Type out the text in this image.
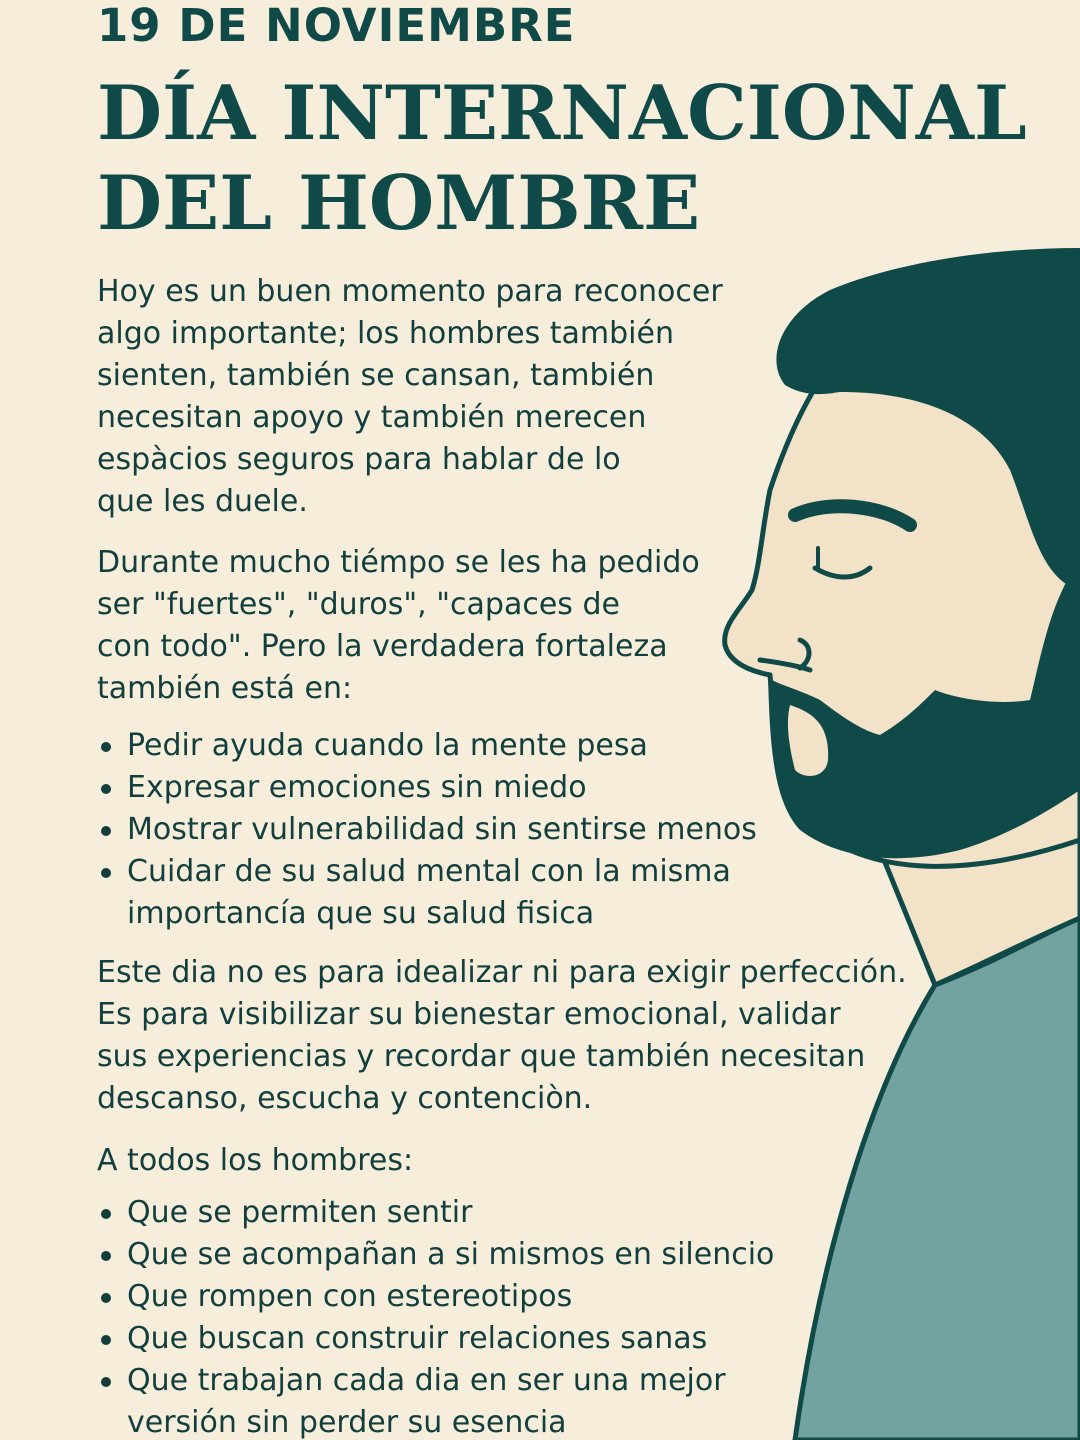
19 DE NOVIEMBRE

DÍA INTERNACIONAL
DEL HOMBRE

Hoy es un buen momento para reconocer
algo importante; los hombres también
sienten, también se cansan, también
necesitan apoyo y también merecen
espàcios seguros para hablar de lo
que les duele.

Durante mucho tiémpo se les ha pedido
ser "fuertes", "duros", "capaces de
con todo". Pero la verdadera fortaleza
también está en:

Pedir ayuda cuando la mente pesa
Expresar emociones sin miedo
Mostrar vulnerabilidad sin sentirse menos
Cuidar de su salud mental con la misma
importancía que su salud fisica

Este dia no es para idealizar ni para exigir perfección.
Es para visibilizar su bienestar emocional, validar
sus experiencias y recordar que también necesitan
descanso, escucha y contenciòn.

A todos los hombres:

Que se permiten sentir
Que se acompañan a si mismos en silencio
Que rompen con estereotipos
Que buscan construir relaciones sanas
Que trabajan cada dia en ser una mejor
versión sin perder su esencia
